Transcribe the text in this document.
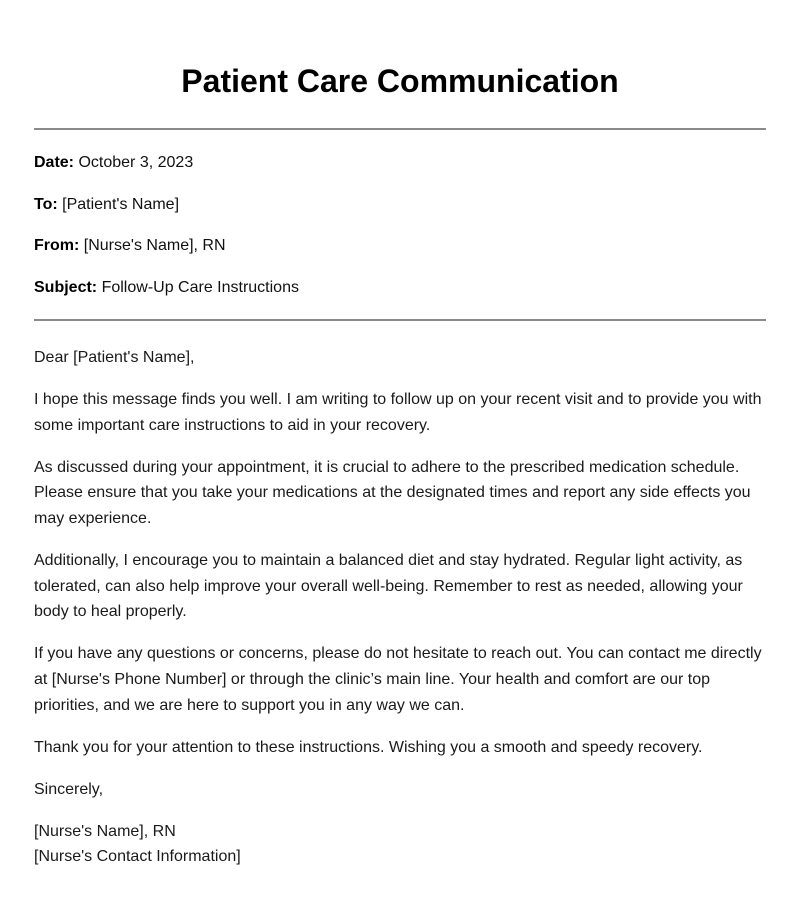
Patient Care Communication

Date: October 3, 2023

To: [Patient's Name]

From: [Nurse's Name], RN

Subject: Follow-Up Care Instructions

Dear [Patient's Name],

I hope this message finds you well. I am writing to follow up on your recent visit and to provide you with some important care instructions to aid in your recovery.

As discussed during your appointment, it is crucial to adhere to the prescribed medication schedule. Please ensure that you take your medications at the designated times and report any side effects you may experience.

Additionally, I encourage you to maintain a balanced diet and stay hydrated. Regular light activity, as tolerated, can also help improve your overall well-being. Remember to rest as needed, allowing your body to heal properly.

If you have any questions or concerns, please do not hesitate to reach out. You can contact me directly at [Nurse's Phone Number] or through the clinic’s main line. Your health and comfort are our top priorities, and we are here to support you in any way we can.

Thank you for your attention to these instructions. Wishing you a smooth and speedy recovery.

Sincerely,

[Nurse's Name], RN

[Nurse's Contact Information]
